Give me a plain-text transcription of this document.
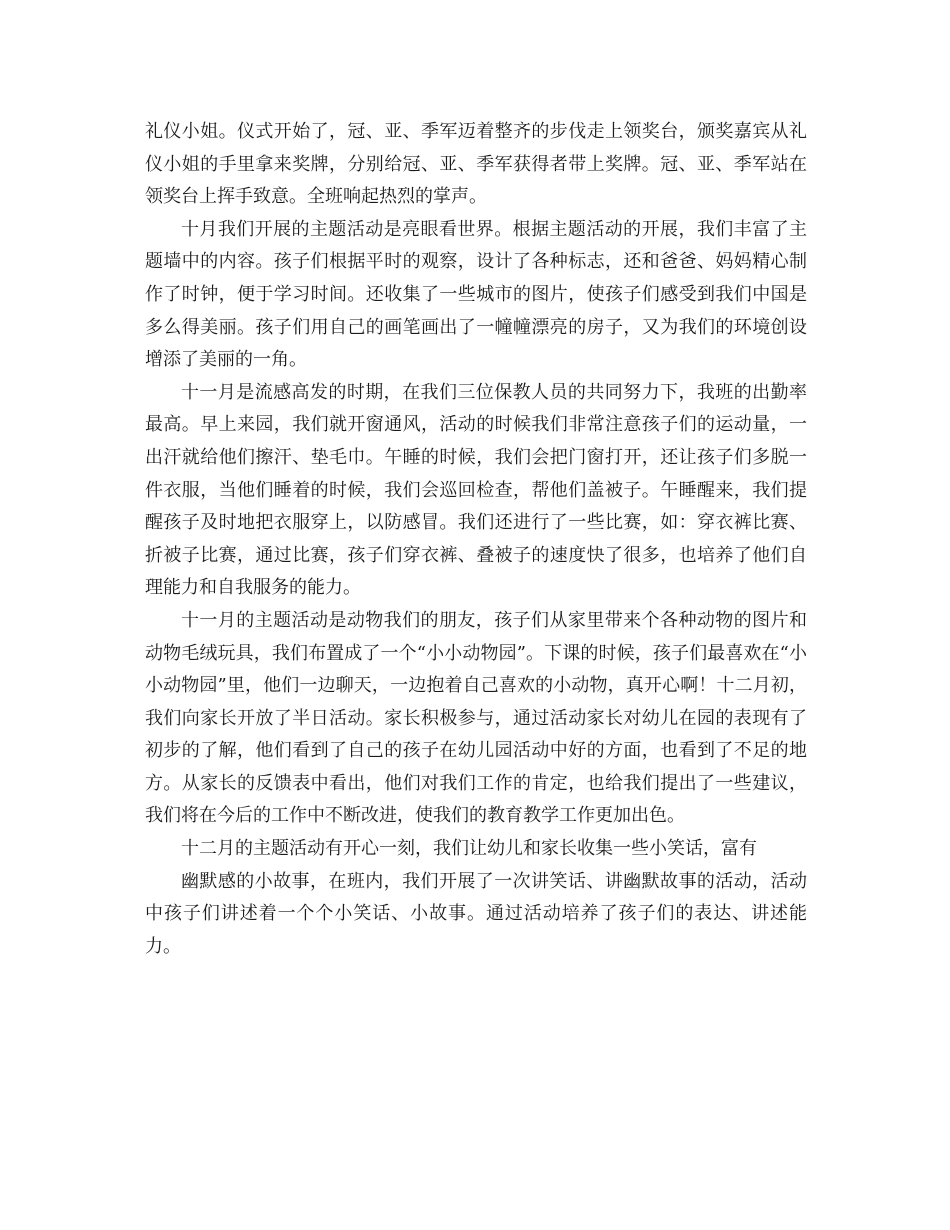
礼仪小姐。仪式开始了，冠、亚、季军迈着整齐的步伐走上领奖台，颁奖嘉宾从礼仪小姐的手里拿来奖牌，分别给冠、亚、季军获得者带上奖牌。冠、亚、季军站在领奖台上挥手致意。全班响起热烈的掌声。

十月我们开展的主题活动是亮眼看世界。根据主题活动的开展，我们丰富了主题墙中的内容。孩子们根据平时的观察，设计了各种标志，还和爸爸、妈妈精心制作了时钟，便于学习时间。还收集了一些城市的图片，使孩子们感受到我们中国是多么得美丽。孩子们用自己的画笔画出了一幢幢漂亮的房子，又为我们的环境创设增添了美丽的一角。

十一月是流感高发的时期，在我们三位保教人员的共同努力下，我班的出勤率最高。早上来园，我们就开窗通风，活动的时候我们非常注意孩子们的运动量，一出汗就给他们擦汗、垫毛巾。午睡的时候，我们会把门窗打开，还让孩子们多脱一件衣服，当他们睡着的时候，我们会巡回检查，帮他们盖被子。午睡醒来，我们提醒孩子及时地把衣服穿上，以防感冒。我们还进行了一些比赛，如：穿衣裤比赛、折被子比赛，通过比赛，孩子们穿衣裤、叠被子的速度快了很多，也培养了他们自理能力和自我服务的能力。

十一月的主题活动是动物我们的朋友，孩子们从家里带来个各种动物的图片和动物毛绒玩具，我们布置成了一个“小小动物园”。下课的时候，孩子们最喜欢在“小小动物园”里，他们一边聊天，一边抱着自己喜欢的小动物，真开心啊！十二月初，我们向家长开放了半日活动。家长积极参与，通过活动家长对幼儿在园的表现有了初步的了解，他们看到了自己的孩子在幼儿园活动中好的方面，也看到了不足的地方。从家长的反馈表中看出，他们对我们工作的肯定，也给我们提出了一些建议，我们将在今后的工作中不断改进，使我们的教育教学工作更加出色。

十二月的主题活动有开心一刻，我们让幼儿和家长收集一些小笑话，富有

幽默感的小故事，在班内，我们开展了一次讲笑话、讲幽默故事的活动，活动中孩子们讲述着一个个小笑话、小故事。通过活动培养了孩子们的表达、讲述能力。
